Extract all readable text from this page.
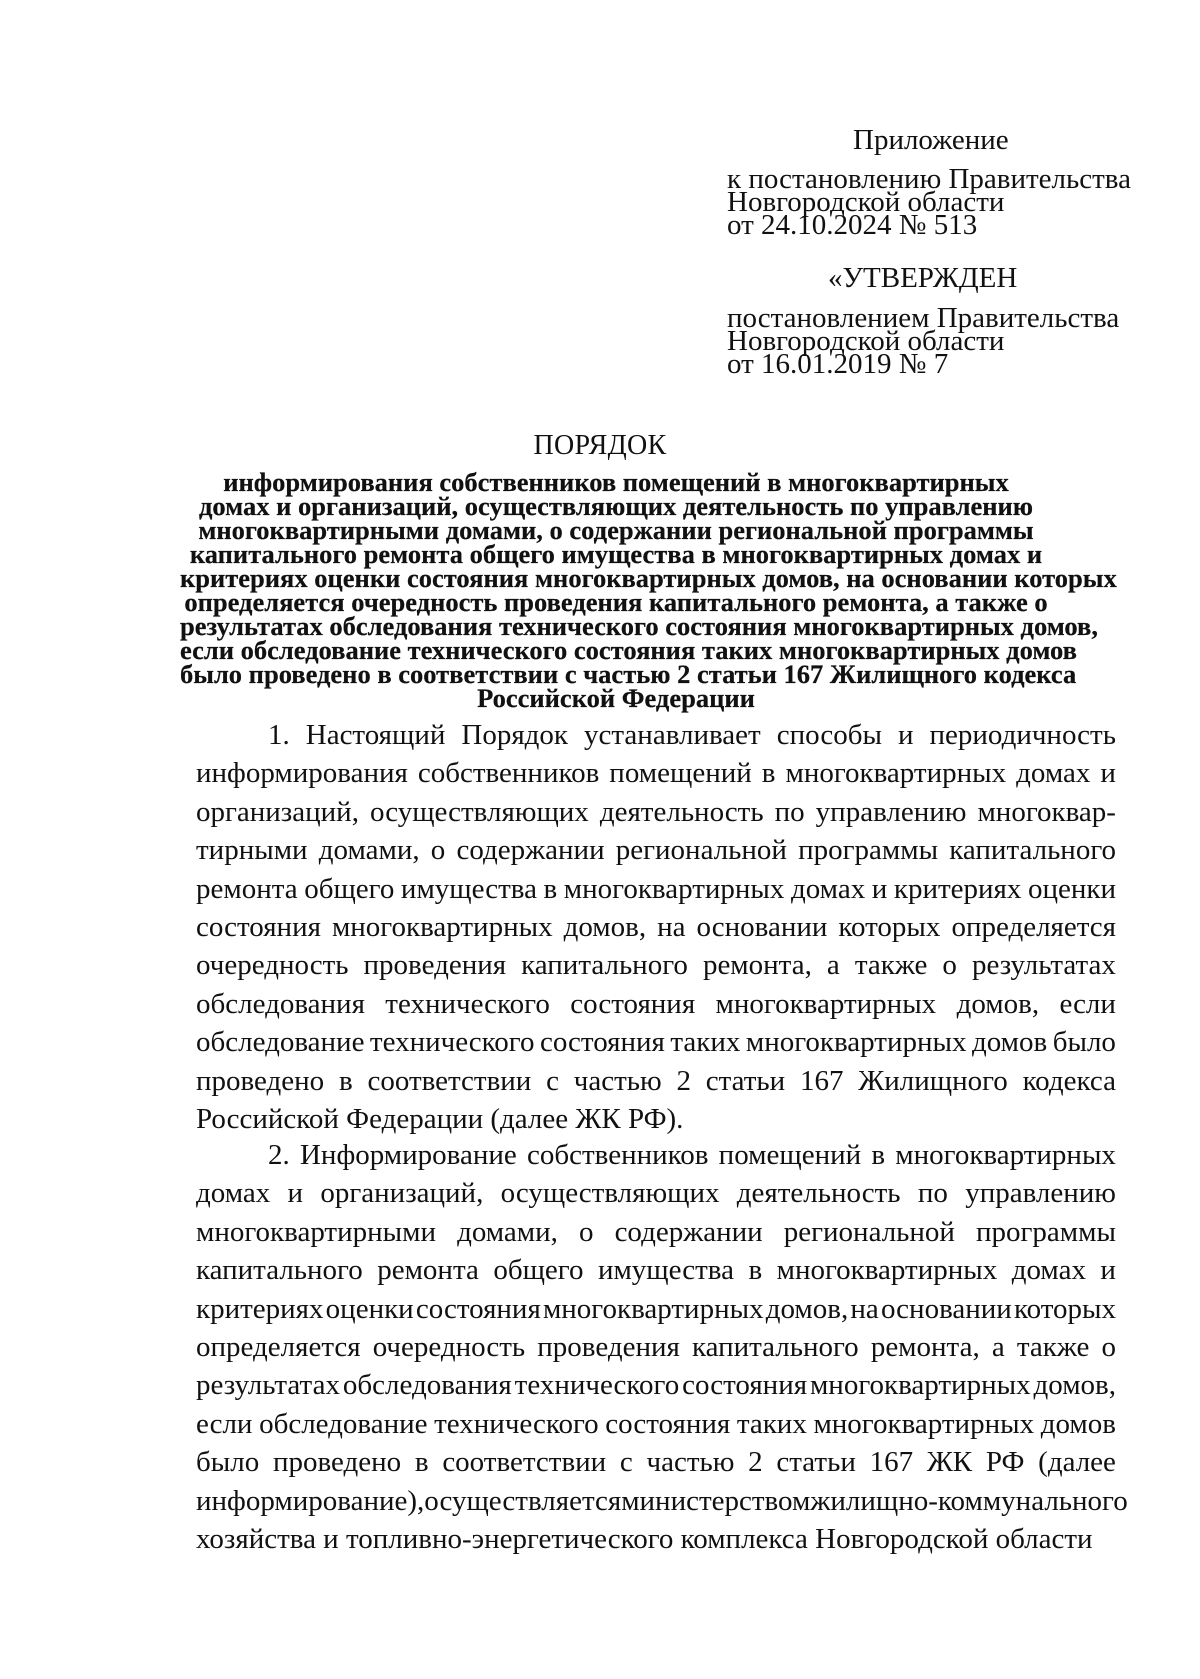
Приложение

к постановлению Правительства

Новгородской области

от 24.10.2024 № 513

«УТВЕРЖДЕН

постановлением Правительства

Новгородской области

от 16.01.2019 № 7

ПОРЯДОК

информирования собственников помещений в многоквартирных
домах и организаций, осуществляющих деятельность по управлению
многоквартирными домами, о содержании региональной программы
капитального ремонта общего имущества в многоквартирных домах и
критериях оценки состояния многоквартирных домов, на основании которых
определяется очередность проведения капитального ремонта, а также о
результатах обследования технического состояния многоквартирных домов,
если обследование технического состояния таких многоквартирных домов
было проведено в соответствии с частью 2 статьи 167 Жилищного кодекса
Российской Федерации
1. Настоящий Порядок устанавливает способы и периодичность
информирования собственников помещений в многоквартирных домах и
организаций, осуществляющих деятельность по управлению многоквар-
тирными домами, о содержании региональной программы капитального
ремонта общего имущества в многоквартирных домах и критериях оценки
состояния многоквартирных домов, на основании которых определяется
очередность проведения капитального ремонта, а также о результатах
обследования технического состояния многоквартирных домов, если
обследование технического состояния таких многоквартирных домов было
проведено в соответствии с частью 2 статьи 167 Жилищного кодекса
Российской Федерации (далее ЖК РФ).
2. Информирование собственников помещений в многоквартирных
домах и организаций, осуществляющих деятельность по управлению
многоквартирными домами, о содержании региональной программы
капитального ремонта общего имущества в многоквартирных домах и
критериях оценки состояния многоквартирных домов, на основании которых
определяется очередность проведения капитального ремонта, а также о
результатах обследования технического состояния многоквартирных домов,
если обследование технического состояния таких многоквартирных домов
было проведено в соответствии с частью 2 статьи 167 ЖК РФ (далее
информирование), осуществляется министерством жилищно-коммунального
хозяйства и топливно-энергетического комплекса Новгородской области
